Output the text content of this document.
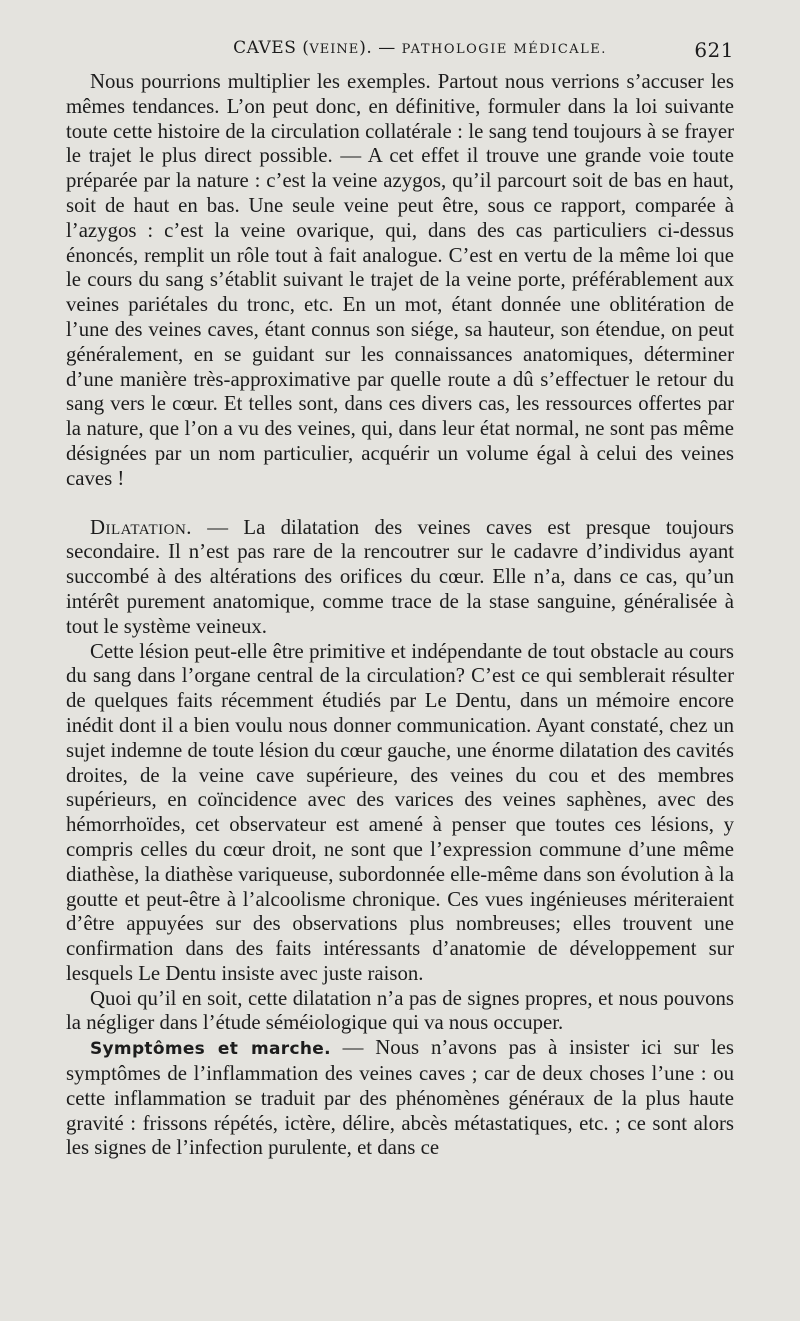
CAVES (VEINE). — PATHOLOGIE MÉDICALE.	621

Nous pourrions multiplier les exemples. Partout nous verrions s’accuser les mêmes tendances. L’on peut donc, en définitive, formuler dans la loi suivante toute cette histoire de la circulation collatérale : le sang tend toujours à se frayer le trajet le plus direct possible. — A cet effet il trouve une grande voie toute préparée par la nature : c’est la veine azygos, qu’il parcourt soit de bas en haut, soit de haut en bas. Une seule veine peut être, sous ce rapport, comparée à l’azygos : c’est la veine ovarique, qui, dans des cas particuliers ci-dessus énoncés, remplit un rôle tout à fait analogue. C’est en vertu de la même loi que le cours du sang s’établit suivant le trajet de la veine porte, préférablement aux veines pariétales du tronc, etc. En un mot, étant donnée une oblitération de l’une des veines caves, étant connus son siége, sa hauteur, son étendue, on peut généralement, en se guidant sur les connaissances anatomiques, déterminer d’une manière très-approximative par quelle route a dû s’effectuer le retour du sang vers le cœur. Et telles sont, dans ces divers cas, les ressources offertes par la nature, que l’on a vu des veines, qui, dans leur état normal, ne sont pas même désignées par un nom particulier, acquérir un volume égal à celui des veines caves !

Dilatation. — La dilatation des veines caves est presque toujours secondaire. Il n’est pas rare de la rencoutrer sur le cadavre d’individus ayant succombé à des altérations des orifices du cœur. Elle n’a, dans ce cas, qu’un intérêt purement anatomique, comme trace de la stase sanguine, généralisée à tout le système veineux.

Cette lésion peut-elle être primitive et indépendante de tout obstacle au cours du sang dans l’organe central de la circulation? C’est ce qui semblerait résulter de quelques faits récemment étudiés par Le Dentu, dans un mémoire encore inédit dont il a bien voulu nous donner communication. Ayant constaté, chez un sujet indemne de toute lésion du cœur gauche, une énorme dilatation des cavités droites, de la veine cave supérieure, des veines du cou et des membres supérieurs, en coïncidence avec des varices des veines saphènes, avec des hémorrhoïdes, cet observateur est amené à penser que toutes ces lésions, y compris celles du cœur droit, ne sont que l’expression commune d’une même diathèse, la diathèse variqueuse, subordonnée elle-même dans son évolution à la goutte et peut-être à l’alcoolisme chronique. Ces vues ingénieuses mériteraient d’être appuyées sur des observations plus nombreuses; elles trouvent une confirmation dans des faits intéressants d’anatomie de développement sur lesquels Le Dentu insiste avec juste raison.

Quoi qu’il en soit, cette dilatation n’a pas de signes propres, et nous pouvons la négliger dans l’étude séméiologique qui va nous occuper.

Symptômes et marche. — Nous n’avons pas à insister ici sur les symptômes de l’inflammation des veines caves ; car de deux choses l’une : ou cette inflammation se traduit par des phénomènes généraux de la plus haute gravité : frissons répétés, ictère, délire, abcès métastatiques, etc. ; ce sont alors les signes de l’infection purulente, et dans ce
